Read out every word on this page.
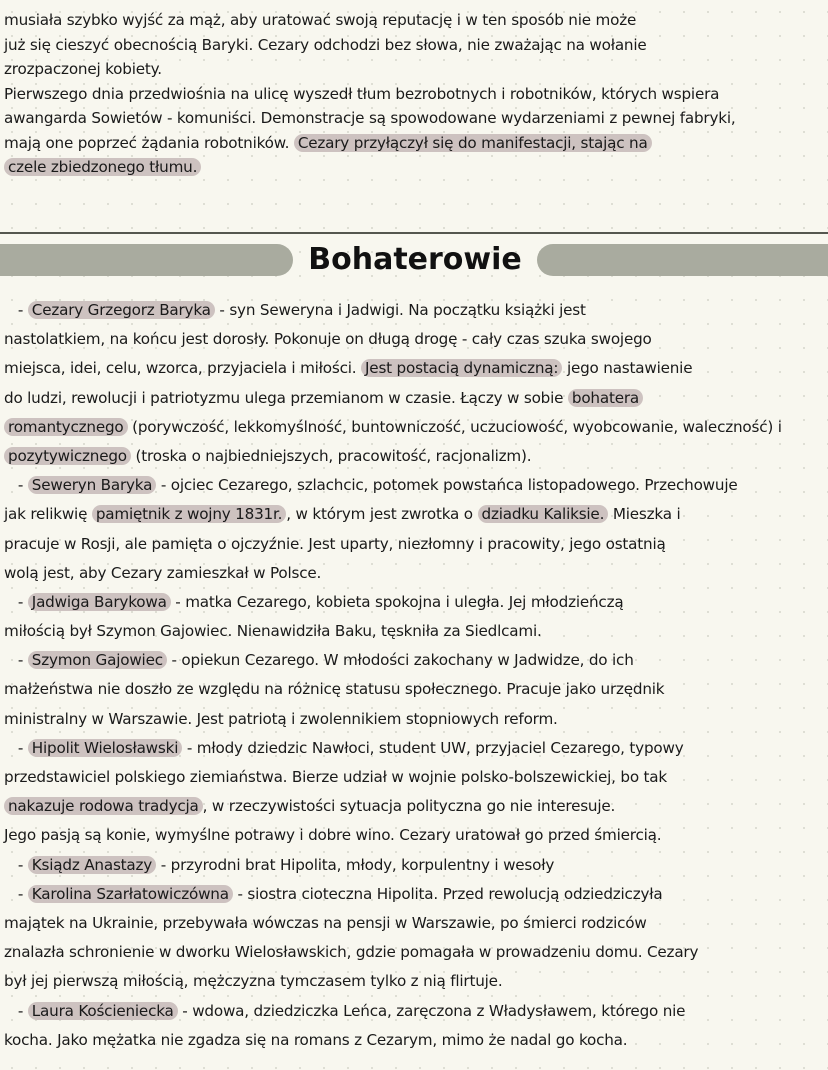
musiała szybko wyjść za mąż, aby uratować swoją reputację i w ten sposób nie może
już się cieszyć obecnością Baryki. Cezary odchodzi bez słowa, nie zważając na wołanie
zrozpaczonej kobiety.
Pierwszego dnia przedwiośnia na ulicę wyszedł tłum bezrobotnych i robotników, których wspiera
awangarda Sowietów - komuniści. Demonstracje są spowodowane wydarzeniami z pewnej fabryki,
mają one poprzeć żądania robotników. Cezary przyłączył się do manifestacji, stając na
czele zbiedzonego tłumu.
Bohaterowie
- Cezary Grzegorz Baryka - syn Seweryna i Jadwigi. Na początku książki jest
nastolatkiem, na końcu jest dorosły. Pokonuje on długą drogę - cały czas szuka swojego
miejsca, idei, celu, wzorca, przyjaciela i miłości. Jest postacią dynamiczną: jego nastawienie
do ludzi, rewolucji i patriotyzmu ulega przemianom w czasie. Łączy w sobie bohatera
romantycznego (porywczość, lekkomyślność, buntowniczość, uczuciowość, wyobcowanie, waleczność) i
pozytywicznego (troska o najbiedniejszych, pracowitość, racjonalizm).
- Seweryn Baryka - ojciec Cezarego, szlachcic, potomek powstańca listopadowego. Przechowuje
jak relikwię pamiętnik z wojny 1831r. , w którym jest zwrotka o dziadku Kaliksie. Mieszka i
pracuje w Rosji, ale pamięta o ojczyźnie. Jest uparty, niezłomny i pracowity, jego ostatnią
wolą jest, aby Cezary zamieszkał w Polsce.
- Jadwiga Barykowa - matka Cezarego, kobieta spokojna i uległa. Jej młodzieńczą
miłością był Szymon Gajowiec. Nienawidziła Baku, tęskniła za Siedlcami.
- Szymon Gajowiec - opiekun Cezarego. W młodości zakochany w Jadwidze, do ich
małżeństwa nie doszło ze względu na różnicę statusu społecznego. Pracuje jako urzędnik
ministralny w Warszawie. Jest patriotą i zwolennikiem stopniowych reform.
- Hipolit Wielosławski - młody dziedzic Nawłoci, student UW, przyjaciel Cezarego, typowy
przedstawiciel polskiego ziemiaństwa. Bierze udział w wojnie polsko-bolszewickiej, bo tak
nakazuje rodowa tradycja , w rzeczywistości sytuacja polityczna go nie interesuje.
Jego pasją są konie, wymyślne potrawy i dobre wino. Cezary uratował go przed śmiercią.
- Ksiądz Anastazy - przyrodni brat Hipolita, młody, korpulentny i wesoły
- Karolina Szarłatowiczówna - siostra cioteczna Hipolita. Przed rewolucją odziedziczyła
majątek na Ukrainie, przebywała wówczas na pensji w Warszawie, po śmierci rodziców
znalazła schronienie w dworku Wielosławskich, gdzie pomagała w prowadzeniu domu. Cezary
był jej pierwszą miłością, mężczyzna tymczasem tylko z nią flirtuje.
- Laura Kościeniecka - wdowa, dziedziczka Leńca, zaręczona z Władysławem, którego nie
kocha. Jako mężatka nie zgadza się na romans z Cezarym, mimo że nadal go kocha.
